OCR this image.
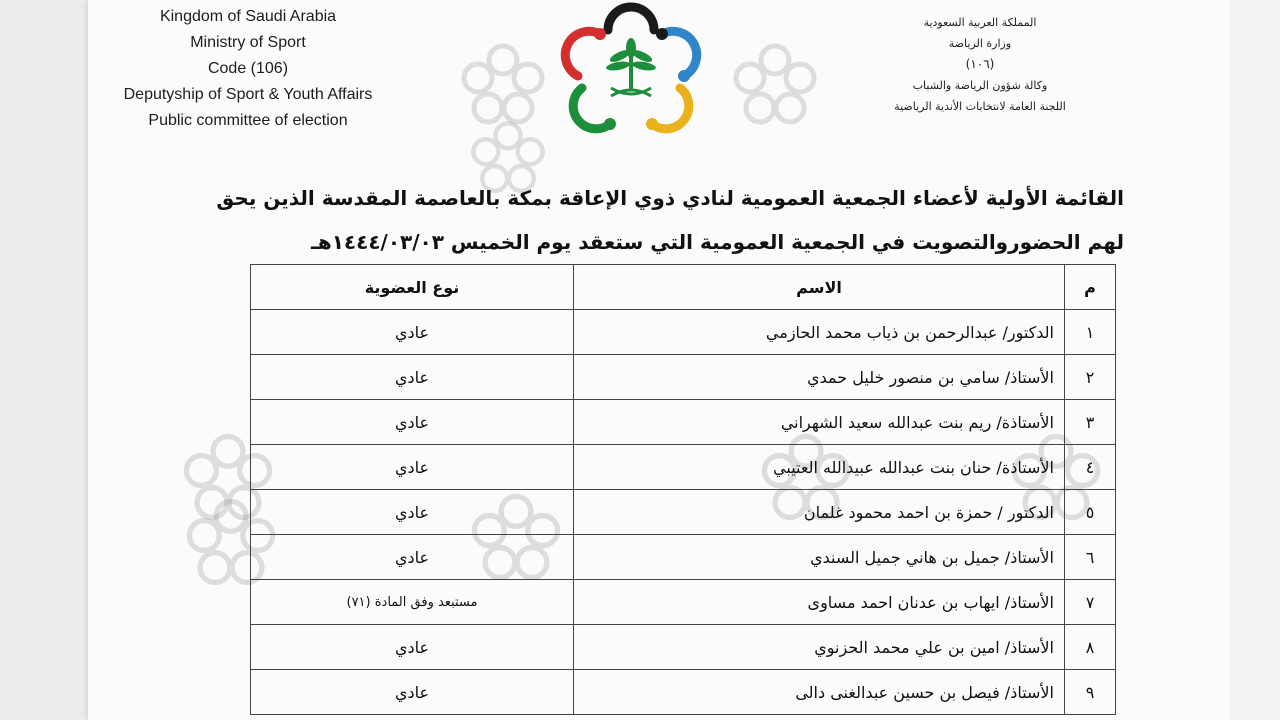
Kingdom of Saudi Arabia
Ministry of Sport
Code (106)
Deputyship of Sport & Youth Affairs
Public committee of election
المملكة العربية السعودية
وزارة الرياضة
(١٠٦)
وكالة شؤون الرياضة والشباب
اللجنة العامة لانتخابات الأندية الرياضية
القائمة الأولية لأعضاء الجمعية العمومية لنادي ذوي الإعاقة بمكة بالعاصمة المقدسة الذين يحق
لهم الحضوروالتصويت في الجمعية العمومية التي ستعقد يوم الخميس ١٤٤٤/٠٣/٠٣هـ
م	الاسم	نوع العضوية
١	الدكتور/ عبدالرحمن بن ذياب محمد الحازمي	عادي
٢	الأستاذ/ سامي بن منصور خليل حمدي	عادي
٣	الأستاذة/ ريم بنت عبدالله سعيد الشهراني	عادي
٤	الأستاذة/ حنان بنت عبدالله عبيدالله العتيبي	عادي
٥	الدكتور / حمزة بن احمد محمود غلمان	عادي
٦	الأستاذ/ جميل بن هاني جميل السندي	عادي
٧	الأستاذ/ ايهاب بن عدنان احمد مساوى	مستبعد وفق المادة (٧١)
٨	الأستاذ/ امين بن علي محمد الحزنوي	عادي
٩	الأستاذ/ فيصل بن حسين عبدالغنى دالى	عادي
